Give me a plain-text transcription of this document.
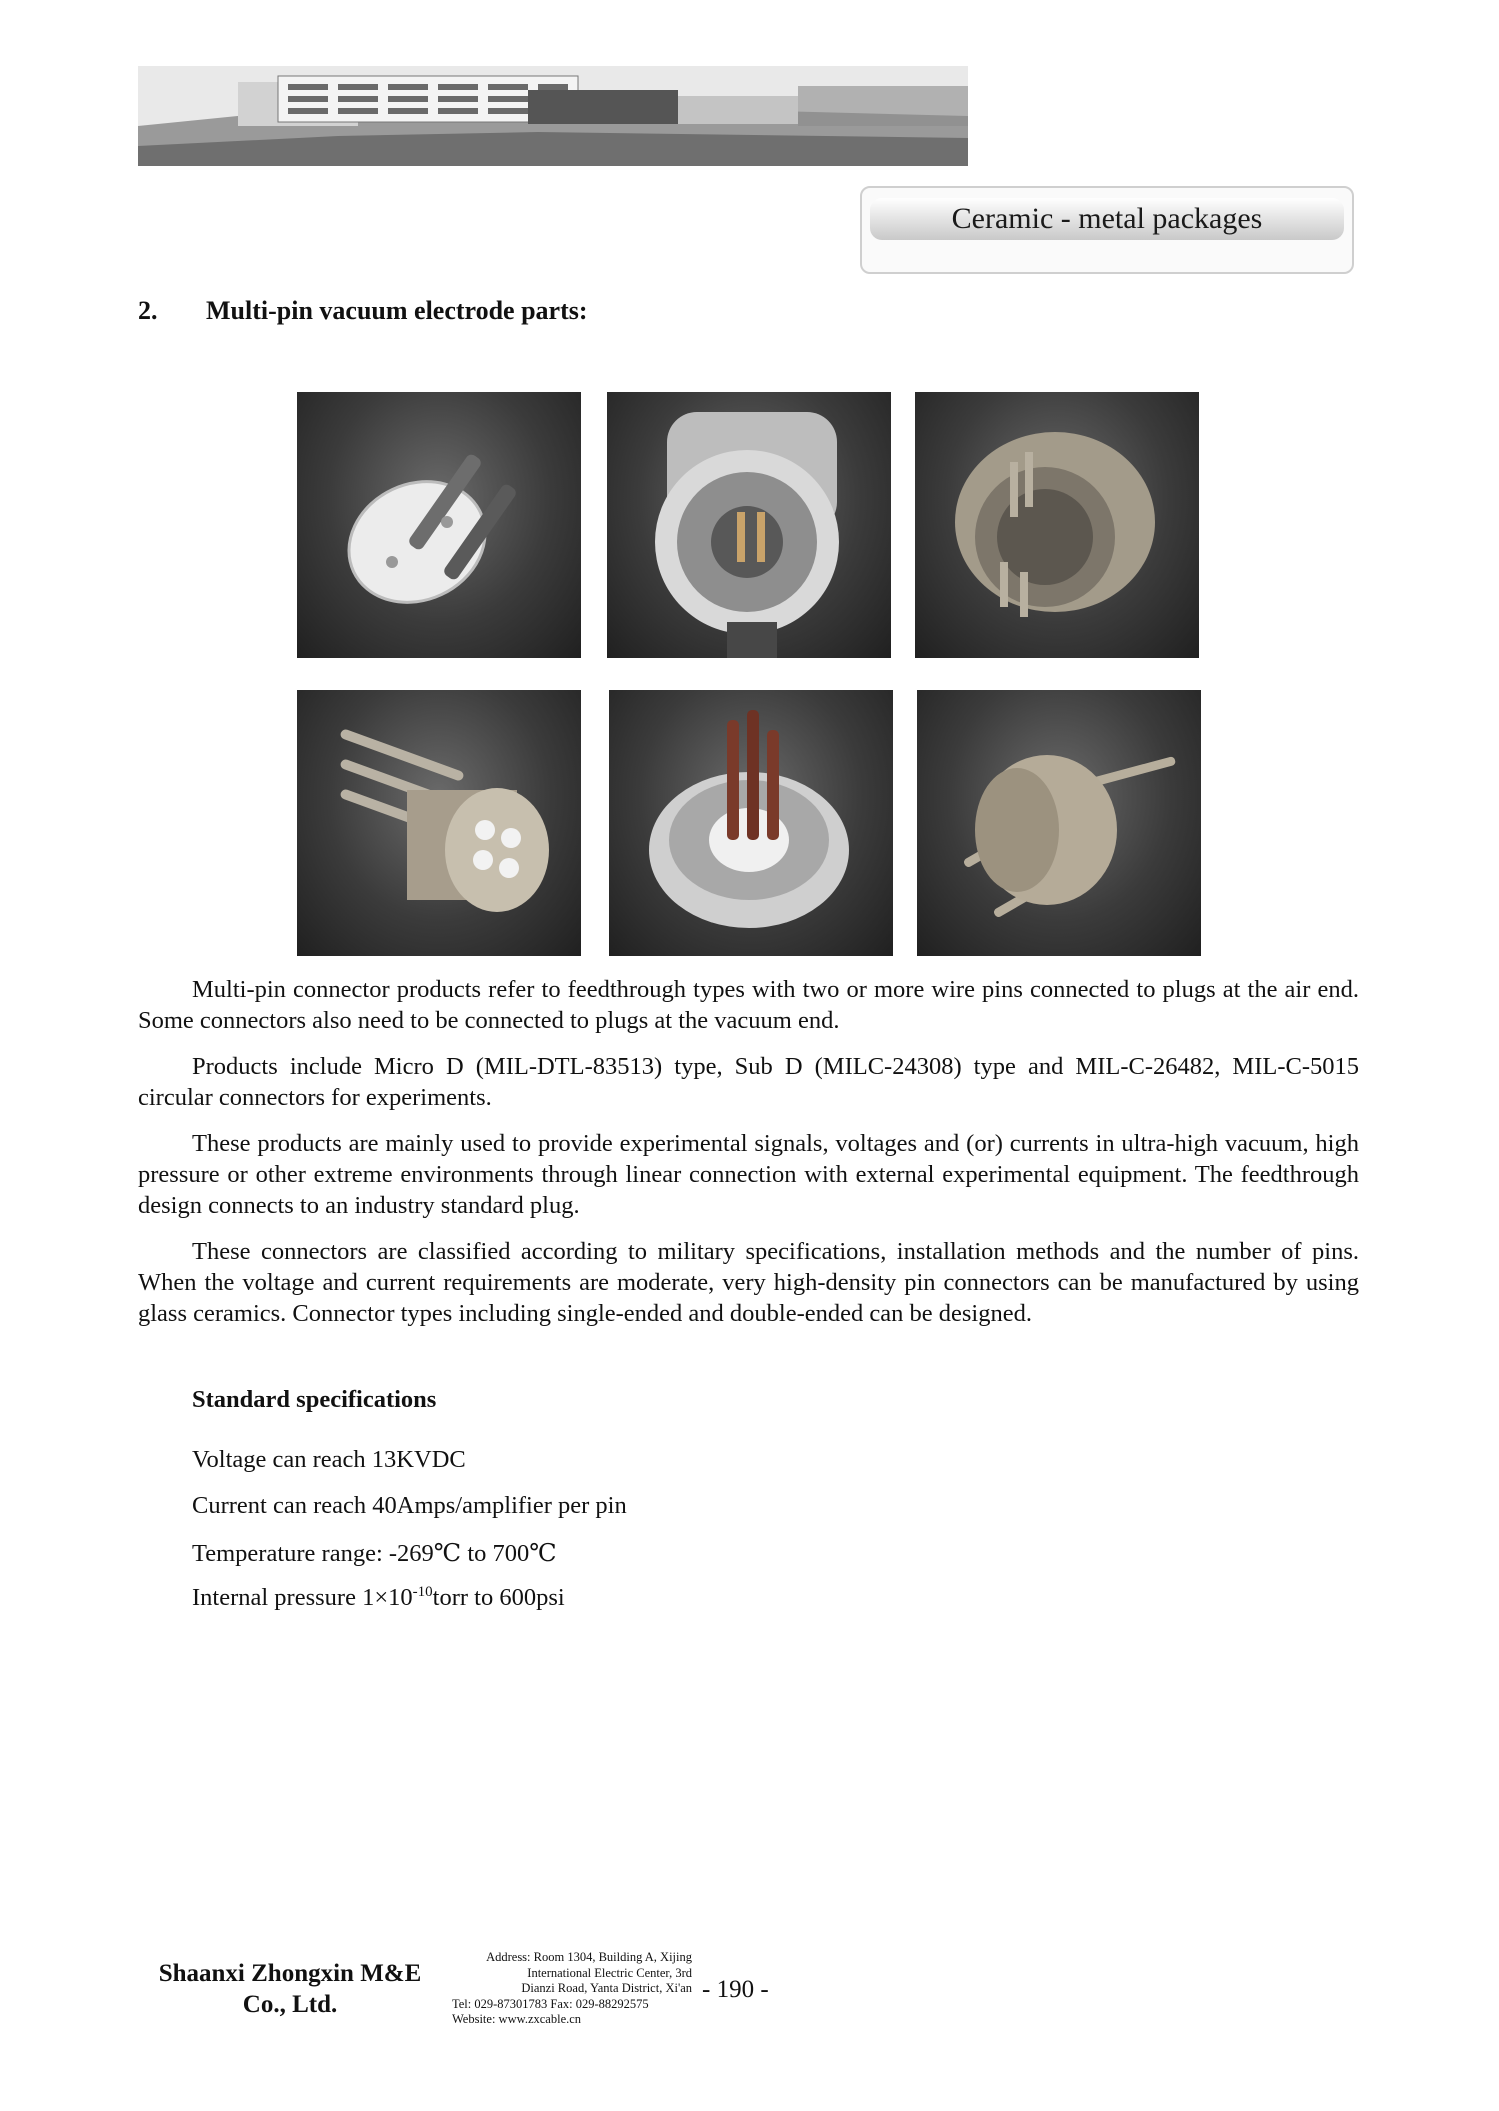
Ceramic - metal packages
2. Multi-pin vacuum electrode parts:

Multi-pin connector products refer to feedthrough types with two or more wire pins connected to plugs at the air end. Some connectors also need to be connected to plugs at the vacuum end.

Products include Micro D (MIL-DTL-83513) type, Sub D (MILC-24308) type and MIL-C-26482, MIL-C-5015 circular connectors for experiments.

These products are mainly used to provide experimental signals, voltages and (or) currents in ultra-high vacuum, high pressure or other extreme environments through linear connection with external experimental equipment. The feedthrough design connects to an industry standard plug.

These connectors are classified according to military specifications, installation methods and the number of pins. When the voltage and current requirements are moderate, very high-density pin connectors can be manufactured by using glass ceramics. Connector types including single-ended and double-ended can be designed.

Standard specifications
Voltage can reach 13KVDC
Current can reach 40Amps/amplifier per pin
Temperature range: -269℃ to 700℃
Internal pressure $1\times 10^{-10}torr$ to 600psi
Shaanxi Zhongxin M&E
Co., Ltd.
Address: Room 1304, Building A, Xijing
International Electric Center, 3rd
Dianzi Road, Yanta District, Xi'an
Tel: 029-87301783 Fax: 029-88292575
Website: www.zxcable.cn
- 190 -
